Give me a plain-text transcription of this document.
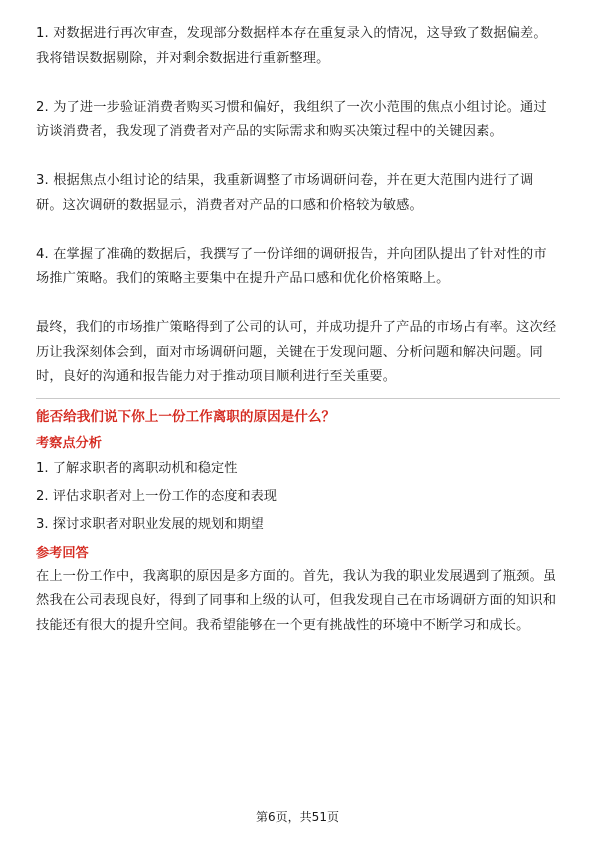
1. 对数据进行再次审查，发现部分数据样本存在重复录入的情况，这导致了数据偏差。我将错误数据剔除，并对剩余数据进行重新整理。

2. 为了进一步验证消费者购买习惯和偏好，我组织了一次小范围的焦点小组讨论。通过访谈消费者，我发现了消费者对产品的实际需求和购买决策过程中的关键因素。

3. 根据焦点小组讨论的结果，我重新调整了市场调研问卷，并在更大范围内进行了调研。这次调研的数据显示，消费者对产品的口感和价格较为敏感。

4. 在掌握了准确的数据后，我撰写了一份详细的调研报告，并向团队提出了针对性的市场推广策略。我们的策略主要集中在提升产品口感和优化价格策略上。

最终，我们的市场推广策略得到了公司的认可，并成功提升了产品的市场占有率。这次经历让我深刻体会到，面对市场调研问题，关键在于发现问题、分析问题和解决问题。同时，良好的沟通和报告能力对于推动项目顺利进行至关重要。

能否给我们说下你上一份工作离职的原因是什么？

考察点分析

1. 了解求职者的离职动机和稳定性

2. 评估求职者对上一份工作的态度和表现

3. 探讨求职者对职业发展的规划和期望

参考回答

在上一份工作中，我离职的原因是多方面的。首先，我认为我的职业发展遇到了瓶颈。虽然我在公司表现良好，得到了同事和上级的认可，但我发现自己在市场调研方面的知识和技能还有很大的提升空间。我希望能够在一个更有挑战性的环境中不断学习和成长。

第6页，共51页
